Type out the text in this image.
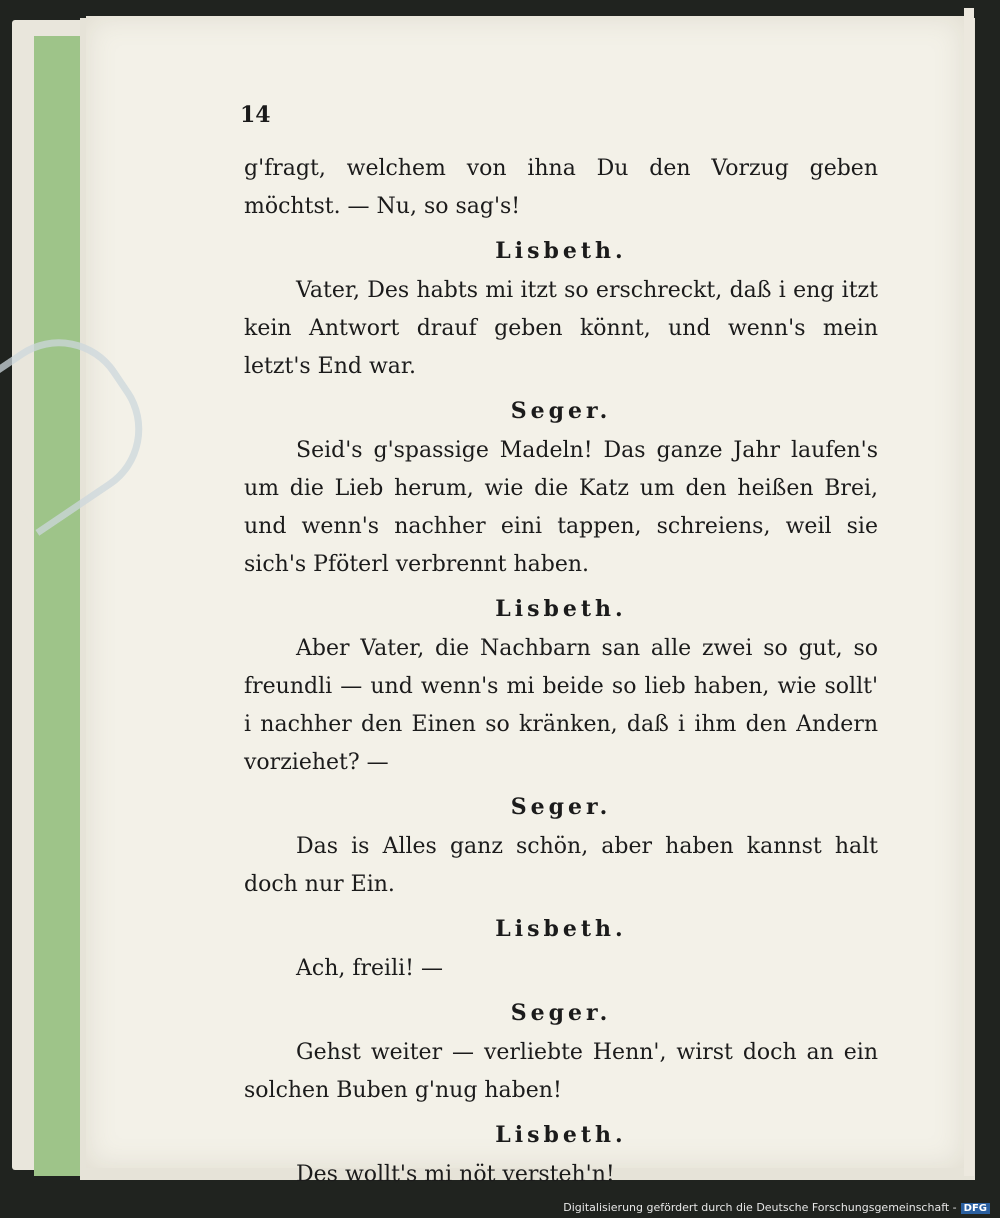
14
g'fragt, welchem von ihna Du den Vorzug geben möchtst. — Nu, so sag's!
Lisbeth.
Vater, Des habts mi itzt so erschreckt, daß i eng itzt kein Antwort drauf geben könnt, und wenn's mein letzt's End war.
Seger.
Seid's g'spassige Madeln! Das ganze Jahr laufen's um die Lieb herum, wie die Katz um den heißen Brei, und wenn's nachher eini tappen, schreiens, weil sie sich's Pföterl verbrennt haben.
Lisbeth.
Aber Vater, die Nachbarn san alle zwei so gut, so freundli — und wenn's mi beide so lieb haben, wie sollt' i nachher den Einen so kränken, daß i ihm den Andern vorziehet? —
Seger.
Das is Alles ganz schön, aber haben kannst halt doch nur Ein.
Lisbeth.
Ach, freili! —
Seger.
Gehst weiter — verliebte Henn', wirst doch an ein solchen Buben g'nug haben!
Lisbeth.
Des wollt's mi nöt versteh'n!
Digitalisierung gefördert durch die Deutsche Forschungsgemeinschaft - DFG
